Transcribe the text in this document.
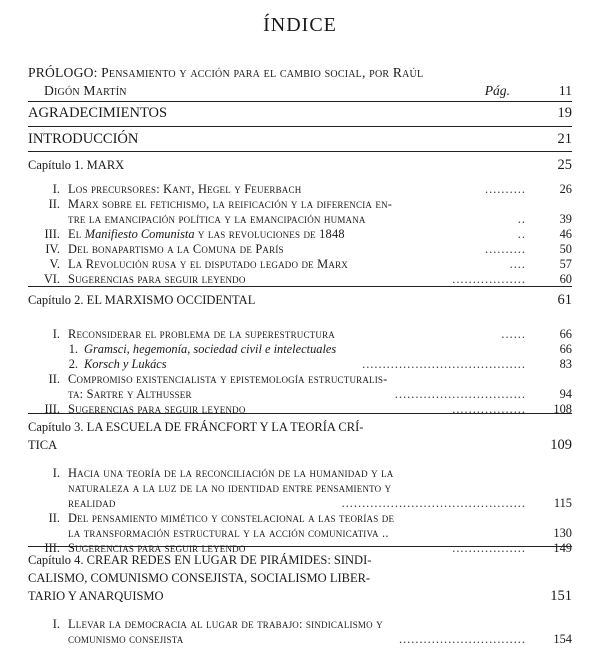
ÍNDICE
PRÓLOGO: Pensamiento y acción para el cambio social, por Raúl
Digón Martín	Pág.	11
AGRADECIMIENTOS	19
INTRODUCCIÓN	21
Capítulo 1. MARX	25
I. Los precursores: Kant, Hegel y Feuerbach	..........	26
II. Marx sobre el fetichismo, la reificación y la diferencia en-
tre la emancipación política y la emancipación humana	..	39
III. El Manifiesto Comunista y las revoluciones de 1848	..	46
IV. Del bonapartismo a la Comuna de París	..........	50
V. La Revolución rusa y el disputado legado de Marx	....	57
VI. Sugerencias para seguir leyendo	..................	60
Capítulo 2. EL MARXISMO OCCIDENTAL	61
I. Reconsiderar el problema de la superestructura	......	66
1. Gramsci, hegemonía, sociedad civil e intelectuales	66
2. Korsch y Lukács	........................................	83
II. Compromiso existencialista y epistemología estructuralis-
ta: Sartre y Althusser	................................	94
III. Sugerencias para seguir leyendo	.................. 108
Capítulo 3. LA ESCUELA DE FRÁNCFORT Y LA TEORÍA CRÍ-
TICA	109
I. Hacia una teoría de la reconciliación de la humanidad y la
naturaleza a la luz de la no identidad entre pensamiento y
realidad	............................................. 115
II. Del pensamiento mimético y constelacional a las teorías de
la transformación estructural y la acción comunicativa ..	130
III. Sugerencias para seguir leyendo	.................. 149
Capítulo 4. CREAR REDES EN LUGAR DE PIRÁMIDES: SINDI-
CALISMO, COMUNISMO CONSEJISTA, SOCIALISMO LIBER-
TARIO Y ANARQUISMO	151
I. Llevar la democracia al lugar de trabajo: sindicalismo y
comunismo consejista	............................... 154
